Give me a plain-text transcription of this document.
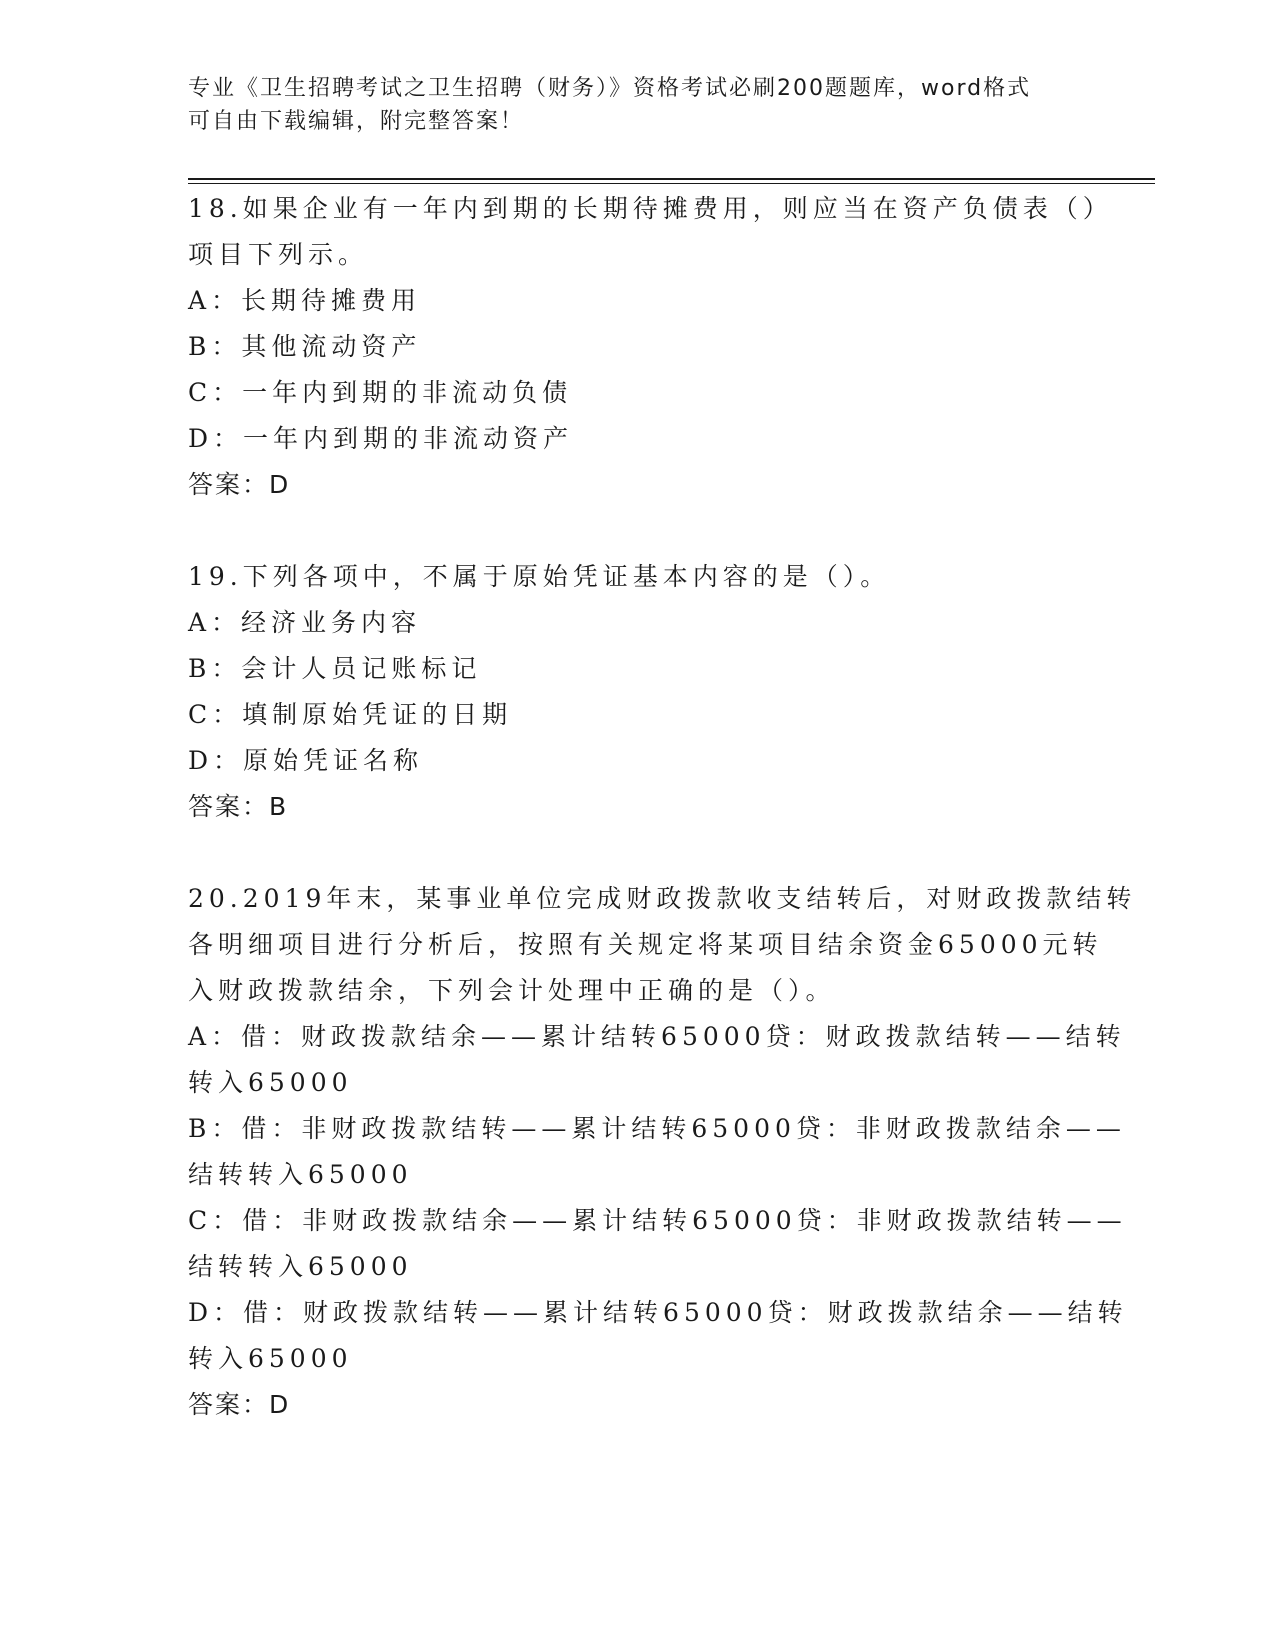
专业《卫生招聘考试之卫生招聘（财务）》资格考试必刷200题题库，word格式
可自由下载编辑，附完整答案！
18.如果企业有一年内到期的长期待摊费用，则应当在资产负债表（）
项目下列示。
A：长期待摊费用
B：其他流动资产
C：一年内到期的非流动负债
D：一年内到期的非流动资产
答案：D
19.下列各项中，不属于原始凭证基本内容的是（）。
A：经济业务内容
B：会计人员记账标记
C：填制原始凭证的日期
D：原始凭证名称
答案：B
20.2019年末，某事业单位完成财政拨款收支结转后，对财政拨款结转
各明细项目进行分析后，按照有关规定将某项目结余资金65000元转
入财政拨款结余，下列会计处理中正确的是（）。
A：借：财政拨款结余——累计结转65000贷：财政拨款结转——结转
转入65000
B：借：非财政拨款结转——累计结转65000贷：非财政拨款结余——
结转转入65000
C：借：非财政拨款结余——累计结转65000贷：非财政拨款结转——
结转转入65000
D：借：财政拨款结转——累计结转65000贷：财政拨款结余——结转
转入65000
答案：D
